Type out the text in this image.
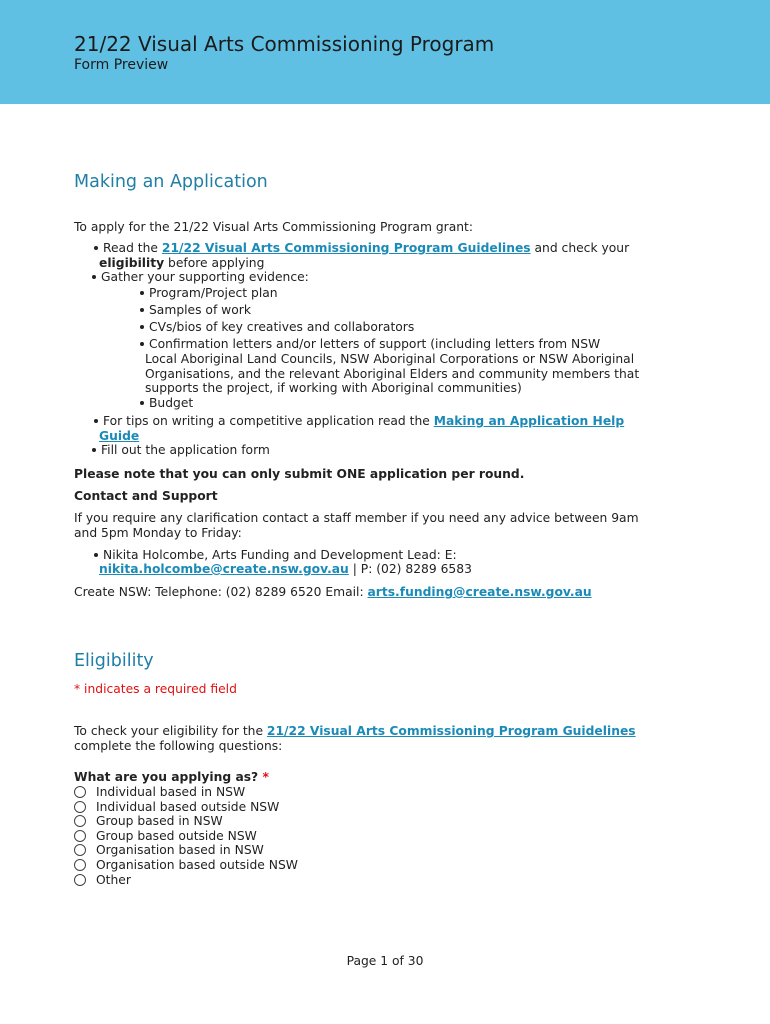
21/22 Visual Arts Commissioning Program
Form Preview
Making an Application
To apply for the 21/22 Visual Arts Commissioning Program grant:
Read the 21/22 Visual Arts Commissioning Program Guidelines and check your
eligibility before applying
Gather your supporting evidence:
Program/Project plan
Samples of work
CVs/bios of key creatives and collaborators
Confirmation letters and/or letters of support (including letters from NSW
Local Aboriginal Land Councils, NSW Aboriginal Corporations or NSW Aboriginal
Organisations, and the relevant Aboriginal Elders and community members that
supports the project, if working with Aboriginal communities)
Budget
For tips on writing a competitive application read the Making an Application Help
Guide
Fill out the application form
Please note that you can only submit ONE application per round.
Contact and Support
If you require any clarification contact a staff member if you need any advice between 9am
and 5pm Monday to Friday:
Nikita Holcombe, Arts Funding and Development Lead: E:
nikita.holcombe@create.nsw.gov.au | P: (02) 8289 6583
Create NSW: Telephone: (02) 8289 6520 Email: arts.funding@create.nsw.gov.au
Eligibility
* indicates a required field
To check your eligibility for the 21/22 Visual Arts Commissioning Program Guidelines
complete the following questions:
What are you applying as? *
Individual based in NSW
Individual based outside NSW
Group based in NSW
Group based outside NSW
Organisation based in NSW
Organisation based outside NSW
Other
Page 1 of 30
